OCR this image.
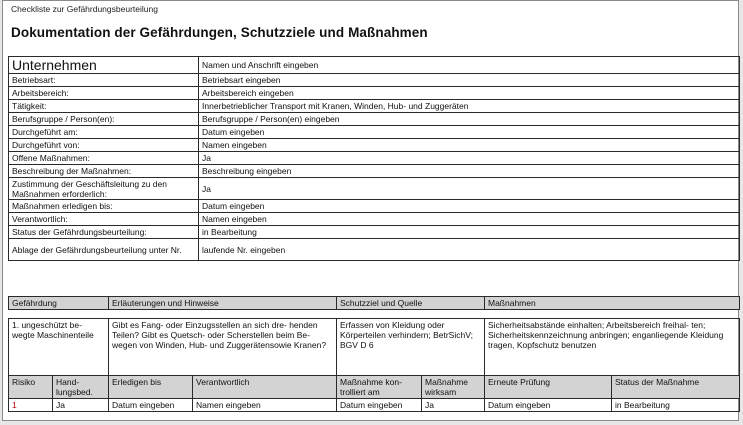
Checkliste zur Gefährdungsbeurteilung
Dokumentation der Gefährdungen, Schutzziele und Maßnahmen
Unternehmen	Namen und Anschrift eingeben
Betriebsart:	Betriebsart eingeben
Arbeitsbereich:	Arbeitsbereich eingeben
Tätigkeit:	Innerbetrieblicher Transport mit Kranen, Winden, Hub- und Zuggeräten
Berufsgruppe / Person(en):	Berufsgruppe / Person(en) eingeben
Durchgeführt am:	Datum eingeben
Durchgeführt von:	Namen eingeben
Offene Maßnahmen:	Ja
Beschreibung der Maßnahmen:	Beschreibung eingeben
Zustimmung der Geschäftsleitung zu den Maßnahmen erforderlich:	Ja
Maßnahmen erledigen bis:	Datum eingeben
Verantwortlich:	Namen eingeben
Status der Gefährdungsbeurteilung:	in Bearbeitung
Ablage der Gefährdungsbeurteilung unter Nr.	laufende Nr. eingeben
Gefährdung	Erläuterungen und Hinweise	Schutzziel und Quelle	Maßnahmen
1. ungeschützt be- wegte Maschinenteile		Gibt es Fang- oder Einzugsstellen an sich dre- henden Teilen? Gibt es Quetsch- oder Scherstellen beim Be- wegen von Winden, Hub- und Zuggerätensowie Kranen?		Erfassen von Kleidung oder Körperteilen verhindern; BetrSichV; BGV D 6		Sicherheitsabstände einhalten; Arbeitsbereich freihal- ten; Sicherheitskennzeichnung anbringen; enganliegende Kleidung tragen, Kopfschutz benutzen	
Risiko	Hand- lungsbed.	Erledigen bis	Verantwortlich	Maßnahme kon- trolliert am	Maßnahme wirksam	Erneute Prüfung	Status der Maßnahme
1	Ja	Datum eingeben	Namen eingeben	Datum eingeben	Ja	Datum eingeben	in Bearbeitung
